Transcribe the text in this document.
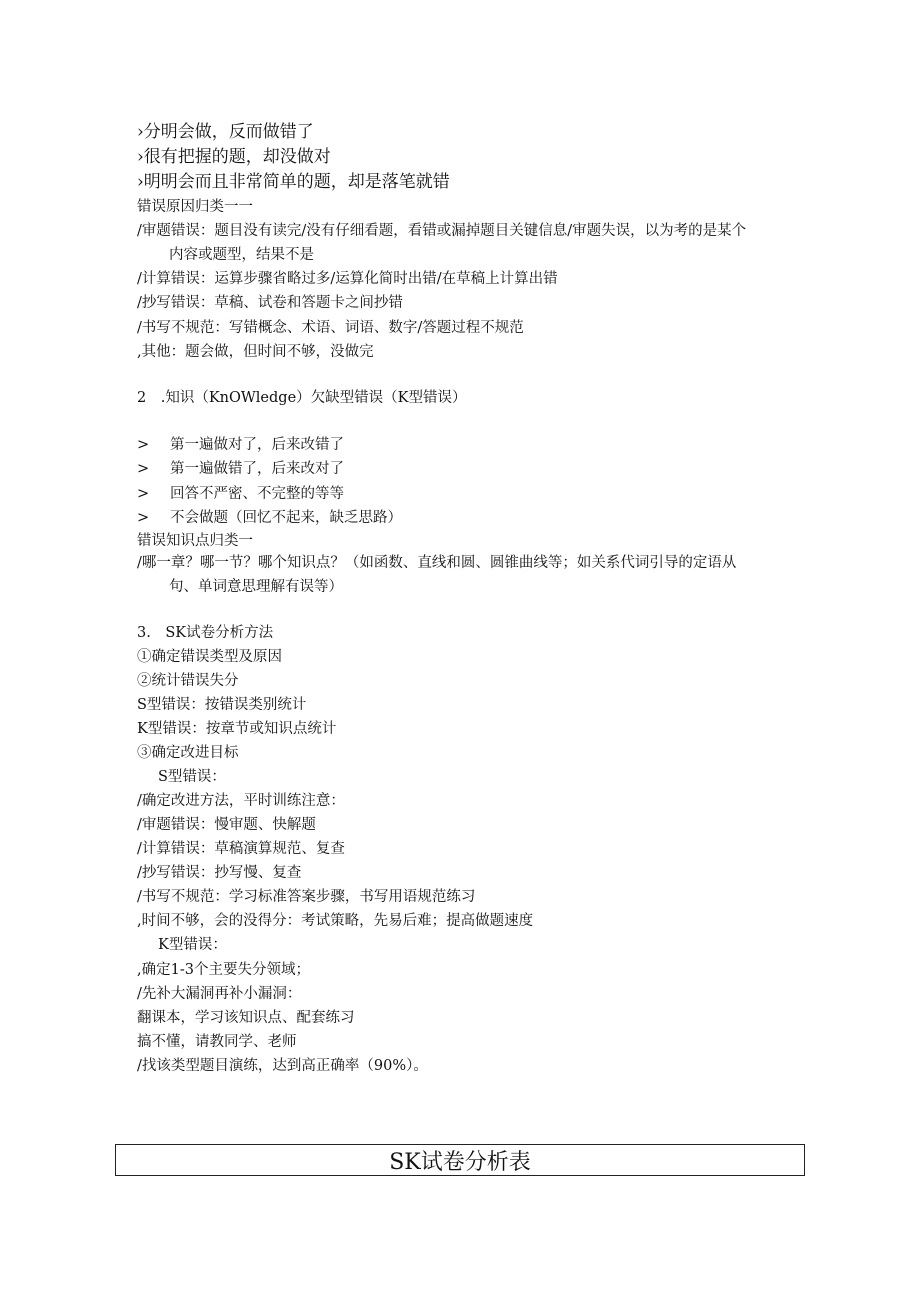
›分明会做，反而做错了
›很有把握的题，却没做对
›明明会而且非常简单的题，却是落笔就错
错误原因归类一一
/审题错误：题目没有读完/没有仔细看题，看错或漏掉题目关键信息/审题失误，以为考的是某个
内容或题型，结果不是
/计算错误：运算步骤省略过多/运算化简时出错/在草稿上计算出错
/抄写错误：草稿、试卷和答题卡之间抄错
/书写不规范：写错概念、术语、词语、数字/答题过程不规范
,其他：题会做，但时间不够，没做完
2　.知识（KnOWledge）欠缺型错误（K型错误）
> 第一遍做对了，后来改错了
> 第一遍做错了，后来改对了
> 回答不严密、不完整的等等
> 不会做题（回忆不起来，缺乏思路）
错误知识点归类一
/哪一章？哪一节？哪个知识点？（如函数、直线和圆、圆锥曲线等；如关系代词引导的定语从
句、单词意思理解有误等）
3.　SK试卷分析方法
①确定错误类型及原因
②统计错误失分
S型错误：按错误类别统计
K型错误：按章节或知识点统计
③确定改进目标
S型错误：
/确定改进方法，平时训练注意：
/审题错误：慢审题、快解题
/计算错误：草稿演算规范、复查
/抄写错误：抄写慢、复查
/书写不规范：学习标准答案步骤，书写用语规范练习
,时间不够，会的没得分：考试策略，先易后难；提高做题速度
K型错误：
,确定1-3个主要失分领域；
/先补大漏洞再补小漏洞：
翻课本，学习该知识点、配套练习
搞不懂，请教同学、老师
/找该类型题目演练，达到高正确率（90%）。
SK试卷分析表
